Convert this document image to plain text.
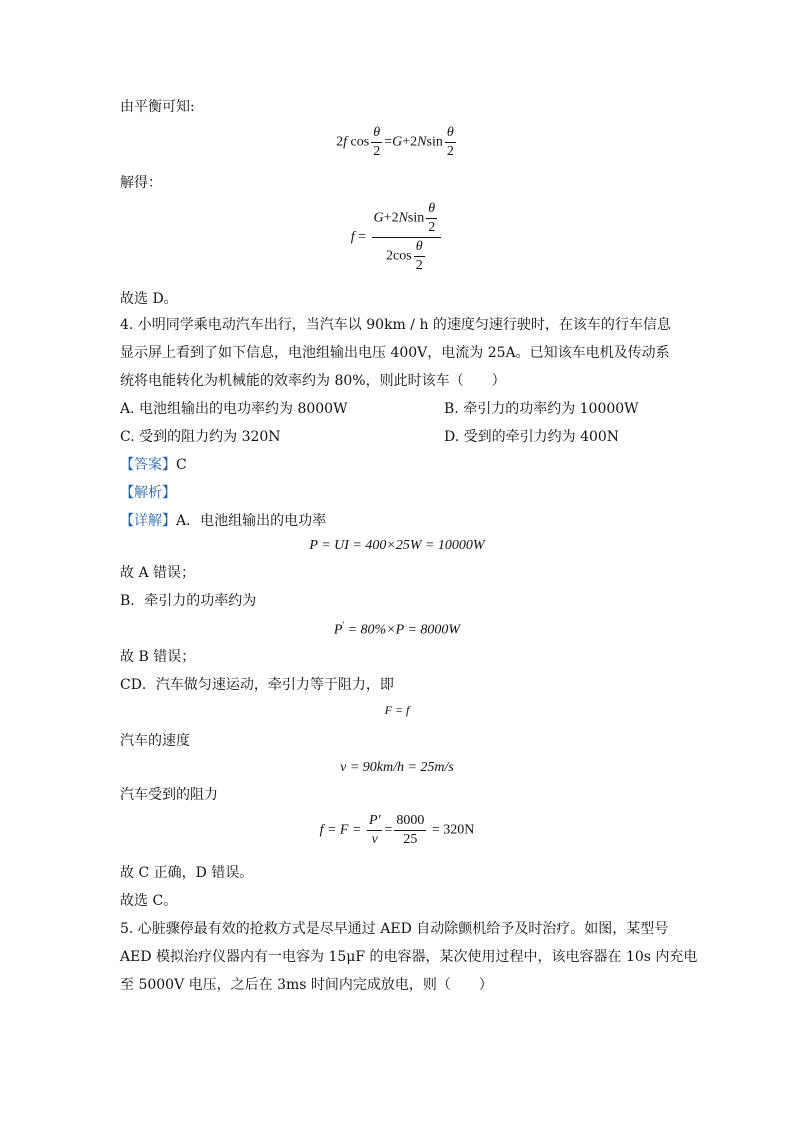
由平衡可知:
2f $\cos \frac{\theta}{2} =G+2Nsin \frac{\theta}{2}$
解得：
$f = \frac{G+2Nsin \frac{\theta}{2}}{2\cos \frac{\theta}{2}}$
故选 D。
4. 小明同学乘电动汽车出行，当汽车以 90km / h 的速度匀速行驶时，在该车的行车信息
显示屏上看到了如下信息，电池组输出电压 400V，电流为 25A。已知该车电机及传动系
统将电能转化为机械能的效率约为 80%，则此时该车（　　）
A. 电池组输出的电功率约为 8000W	B. 牵引力的功率约为 10000W
C. 受到的阻力约为 320N	D. 受到的牵引力约为 400N
【答案】C
【解析】
【详解】A．电池组输出的电功率
P = UI = 400×25W = 10000W
故 A 错误；
B．牵引力的功率约为
P' = 80%×P = 8000W
故 B 错误；
CD．汽车做匀速运动，牵引力等于阻力，即
F = f
汽车的速度
v = 90km/h = 25m/s
汽车受到的阻力
$f = F = \frac{P'}{v} = \frac{8000}{25} = 320N$
故 C 正确，D 错误。
故选 C。
5. 心脏骤停最有效的抢救方式是尽早通过 AED 自动除颤机给予及时治疗。如图，某型号
AED 模拟治疗仪器内有一电容为 15μF 的电容器，某次使用过程中，该电容器在 10s 内充电
至 5000V 电压，之后在 3ms 时间内完成放电，则（　　）
